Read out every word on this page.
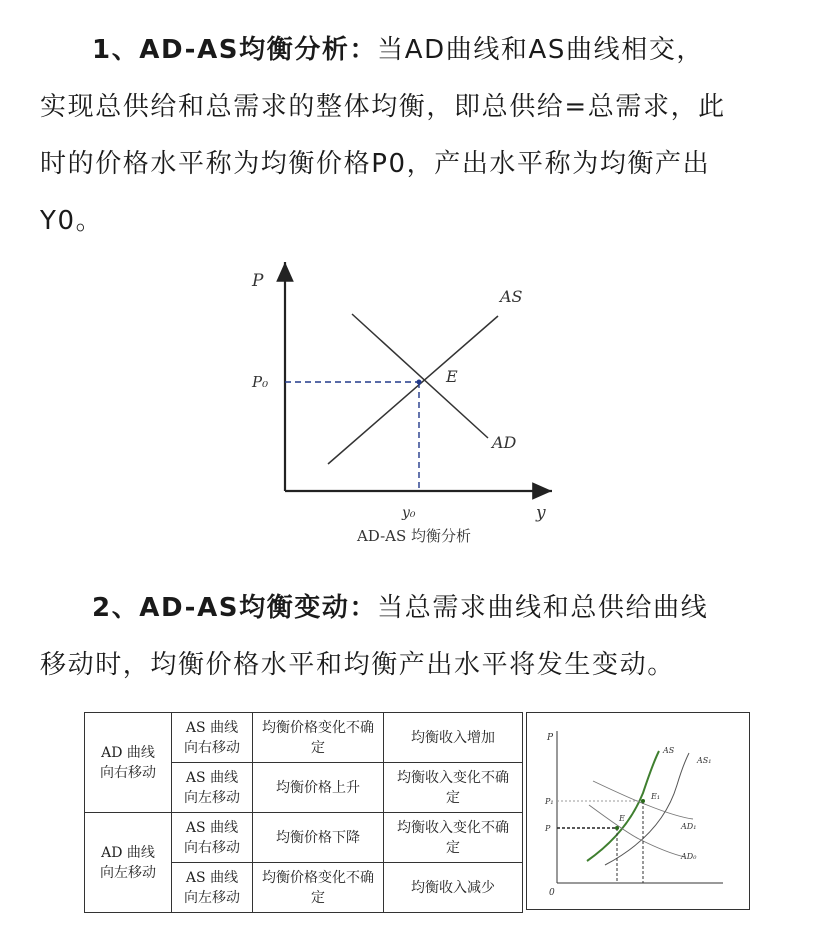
1、AD-AS均衡分析：当AD曲线和AS曲线相交，
实现总供给和总需求的整体均衡，即总供给=总需求，此
时的价格水平称为均衡价格P0，产出水平称为均衡产出
Y0。
P
y
P₀
y₀
E
AS
AD
AD-AS 均衡分析
2、AD-AS均衡变动：当总需求曲线和总供给曲线
移动时，均衡价格水平和均衡产出水平将发生变动。
AD 曲线向右移动	AS 曲线向右移动	均衡价格变化不确定	均衡收入增加

	AS 曲线向左移动	均衡价格上升	均衡收入变化不确定

AD 曲线向左移动	AS 曲线向右移动	均衡价格下降	均衡收入变化不确定

	AS 曲线向左移动	均衡价格变化不确定	均衡收入减少
P
0
P₁
P
AS
AS₁
E₁
E
AD₁
AD₀
